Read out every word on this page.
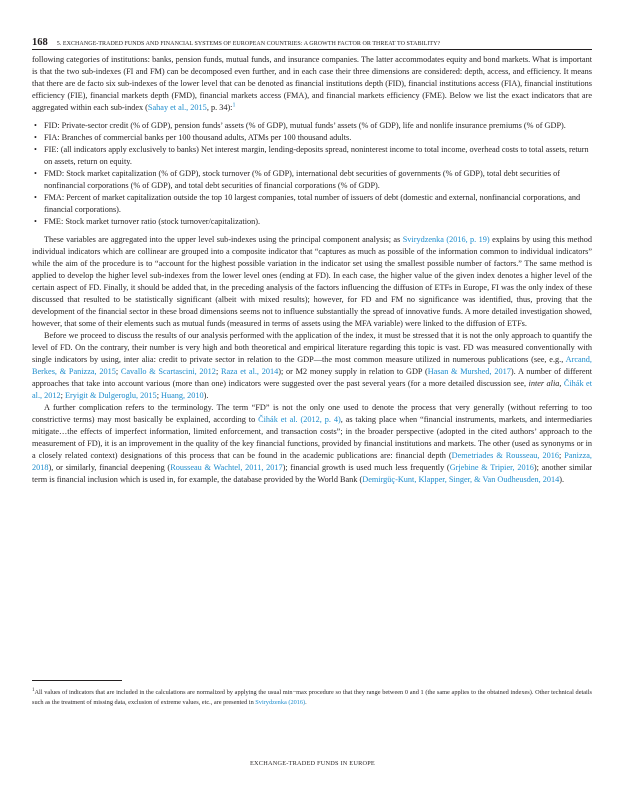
168 5. EXCHANGE-TRADED FUNDS AND FINANCIAL SYSTEMS OF EUROPEAN COUNTRIES: A GROWTH FACTOR OR THREAT TO STABILITY?

following categories of institutions: banks, pension funds, mutual funds, and insurance companies. The latter accommodates equity and bond markets. What is important is that the two sub-indexes (FI and FM) can be decomposed even further, and in each case their three dimensions are considered: depth, access, and efficiency. It means that there are de facto six sub-indexes of the lower level that can be denoted as financial institutions depth (FID), financial institutions access (FIA), financial institutions efficiency (FIE), financial markets depth (FMD), financial markets access (FMA), and financial markets efficiency (FME). Below we list the exact indicators that are aggregated within each sub-index (Sahay et al., 2015, p. 34):$^1$

• FID: Private-sector credit (% of GDP), pension funds’ assets (% of GDP), mutual funds’ assets (% of GDP), life and nonlife insurance premiums (% of GDP).
• FIA: Branches of commercial banks per 100 thousand adults, ATMs per 100 thousand adults.
• FIE: (all indicators apply exclusively to banks) Net interest margin, lending-deposits spread, noninterest income to total income, overhead costs to total assets, return on assets, return on equity.
• FMD: Stock market capitalization (% of GDP), stock turnover (% of GDP), international debt securities of governments (% of GDP), total debt securities of nonfinancial corporations (% of GDP), and total debt securities of financial corporations (% of GDP).
• FMA: Percent of market capitalization outside the top 10 largest companies, total number of issuers of debt (domestic and external, nonfinancial corporations, and financial corporations).
• FME: Stock market turnover ratio (stock turnover/capitalization).

These variables are aggregated into the upper level sub-indexes using the principal component analysis; as Svirydzenka (2016, p. 19) explains by using this method individual indicators which are collinear are grouped into a composite indicator that “captures as much as possible of the information common to individual indicators” while the aim of the procedure is to “account for the highest possible variation in the indicator set using the smallest possible number of factors.” The same method is applied to develop the higher level sub-indexes from the lower level ones (ending at FD). In each case, the higher value of the given index denotes a higher level of the certain aspect of FD. Finally, it should be added that, in the preceding analysis of the factors influencing the diffusion of ETFs in Europe, FI was the only index of these discussed that resulted to be statistically significant (albeit with mixed results); however, for FD and FM no significance was identified, thus, proving that the development of the financial sector in these broad dimensions seems not to influence substantially the spread of innovative funds. A more detailed investigation showed, however, that some of their elements such as mutual funds (measured in terms of assets using the MFA variable) were linked to the diffusion of ETFs.

Before we proceed to discuss the results of our analysis performed with the application of the index, it must be stressed that it is not the only approach to quantify the level of FD. On the contrary, their number is very high and both theoretical and empirical literature regarding this topic is vast. FD was measured conventionally with single indicators by using, inter alia: credit to private sector in relation to the GDP—the most common measure utilized in numerous publications (see, e.g., Arcand, Berkes, & Panizza, 2015; Cavallo & Scartascini, 2012; Raza et al., 2014); or M2 money supply in relation to GDP (Hasan & Murshed, 2017). A number of different approaches that take into account various (more than one) indicators were suggested over the past several years (for a more detailed discussion see, inter alia, Čihák et al., 2012; Eryigit & Dulgeroglu, 2015; Huang, 2010).

A further complication refers to the terminology. The term “FD” is not the only one used to denote the process that very generally (without referring to too constrictive terms) may most basically be explained, according to Čihák et al. (2012, p. 4), as taking place when “financial instruments, markets, and intermediaries mitigate…the effects of imperfect information, limited enforcement, and transaction costs”; in the broader perspective (adopted in the cited authors’ approach to the measurement of FD), it is an improvement in the quality of the key financial functions, provided by financial institutions and markets. The other (used as synonyms or in a closely related context) designations of this process that can be found in the academic publications are: financial depth (Demetriades & Rousseau, 2016; Panizza, 2018), or similarly, financial deepening (Rousseau & Wachtel, 2011, 2017); financial growth is used much less frequently (Grjebine & Tripier, 2016); another similar term is financial inclusion which is used in, for example, the database provided by the World Bank (Demirgüç-Kunt, Klapper, Singer, & Van Oudheusden, 2014).

$^1$All values of indicators that are included in the calculations are normalized by applying the usual min−max procedure so that they range between 0 and 1 (the same applies to the obtained indexes). Other technical details such as the treatment of missing data, exclusion of extreme values, etc., are presented in Svirydzenka (2016).
EXCHANGE-TRADED FUNDS IN EUROPE
